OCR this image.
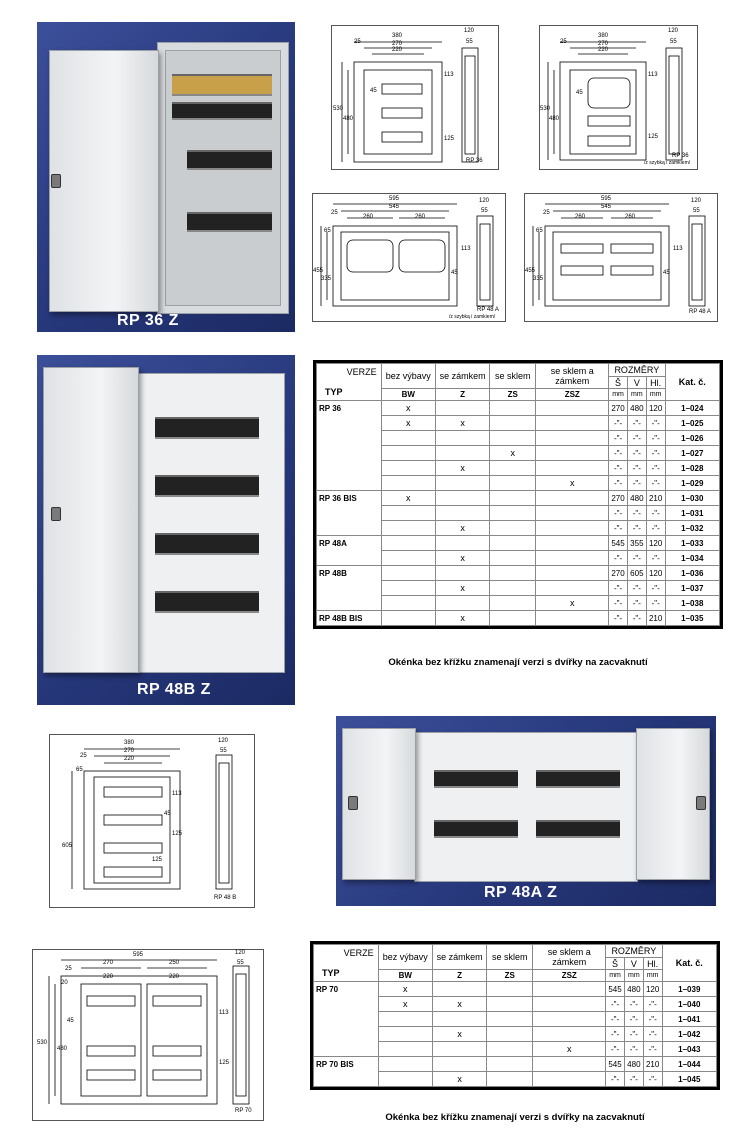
RP 36 Z
RP 48B Z
RP 48A Z
380
270
220
25
530
480
45
113
125
120
55
RP 36
380
270
220
25
530
480
45
113
125
120
55
RP 36
/z szybką i zamkiem/
595
545
260	260
25
65
455
335
45
113
120
55
RP 48 A
/z szybką i zamkiem/
595
545
260	260
25
65
455
335
45
113
120
55
RP 48 A
380
270
220
25
65
605
45
113
125
125
120
55
RP 48 B
595
270	250
220	220
25
20
530
480
45
113
125
120
55
RP 70
VERZE
TYP	bez výbavy	se zámkem	se sklem	se sklem a zámkem	ROZMĚRY			Kat. č.
					Š	V	Hl.	
	BW	Z	ZS	ZSZ	mm	mm	mm	
RP 36	x				270	480	120	1–024
	x	x			-"-	-"-	-"-	1–025
					-"-	-"-	-"-	1–026
			x		-"-	-"-	-"-	1–027
		x			-"-	-"-	-"-	1–028
				x	-"-	-"-	-"-	1–029
RP 36 BIS	x				270	480	210	1–030
					-"-	-"-	-"-	1–031
		x			-"-	-"-	-"-	1–032
RP 48A					545	355	120	1–033
		x			-"-	-"-	-"-	1–034
RP 48B					270	605	120	1–036
		x			-"-	-"-	-"-	1–037
				x	-"-	-"-	-"-	1–038
RP 48B BIS		x			-"-	-"-	210	1–035
Okénka bez křížku znamenají verzi s dvířky na zacvaknutí
VERZE
TYP	bez výbavy	se zámkem	se sklem	se sklem a zámkem	ROZMĚRY			Kat. č.
					Š	V	Hl.	
	BW	Z	ZS	ZSZ	mm	mm	mm	
RP 70	x				545	480	120	1–039
	x	x			-"-	-"-	-"-	1–040
					-"-	-"-	-"-	1–041
		x			-"-	-"-	-"-	1–042
				x	-"-	-"-	-"-	1–043
RP 70 BIS					545	480	210	1–044
		x			-"-	-"-	-"-	1–045
Okénka bez křížku znamenají verzi s dvířky na zacvaknutí
